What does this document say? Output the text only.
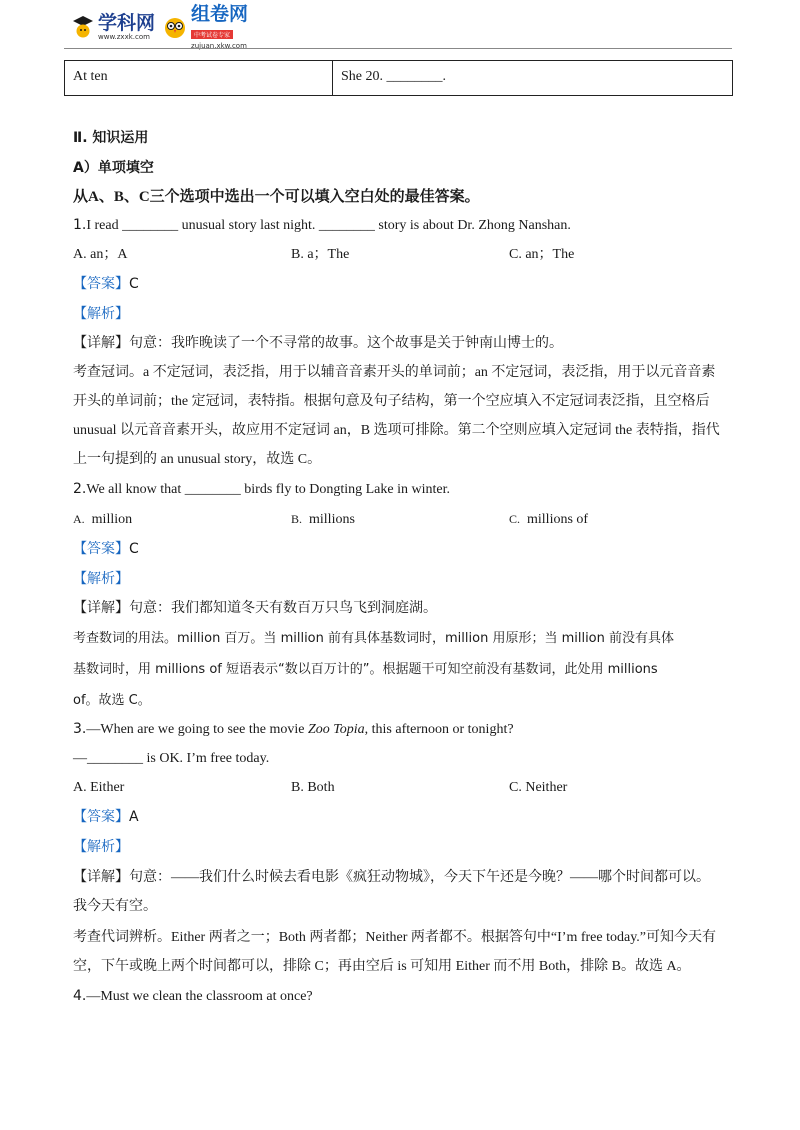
学科网
www.zxxk.com
组卷网
中考试卷专家
zujuan.xkw.com
At ten	She 20. ________.

Ⅱ. 知识运用

A）单项填空

从A、B、C三个选项中选出一个可以填入空白处的最佳答案。

1.I read ________ unusual story last night. ________ story is about Dr. Zhong Nanshan.

A. an；A	B. a；The	C. an；The

【答案】C

【解析】

【详解】句意：我昨晚读了一个不寻常的故事。这个故事是关于钟南山博士的。

考查冠词。a 不定冠词，表泛指，用于以辅音音素开头的单词前；an 不定冠词，表泛指，用于以元音音素
开头的单词前；the 定冠词，表特指。根据句意及句子结构，第一个空应填入不定冠词表泛指，且空格后
unusual 以元音音素开头，故应用不定冠词 an，B 选项可排除。第二个空则应填入定冠词 the 表特指，指代
上一句提到的 an unusual story，故选 C。

2.We all know that ________ birds fly to Dongting Lake in winter.

A. million	B. millions	C. millions of

【答案】C

【解析】

【详解】句意：我们都知道冬天有数百万只鸟飞到洞庭湖。

考查数词的用法。million 百万。当 million 前有具体基数词时，million 用原形；当 million 前没有具体
基数词时，用 millions of 短语表示“数以百万计的”。根据题干可知空前没有基数词，此处用 millions
of。故选 C。

3.—When are we going to see the movie Zoo Topia, this afternoon or tonight?

—________ is OK. I’m free today.

A. Either	B. Both	C. Neither

【答案】A

【解析】

【详解】句意：——我们什么时候去看电影《疯狂动物城》，今天下午还是今晚？——哪个时间都可以。
我今天有空。

考查代词辨析。Either 两者之一；Both 两者都；Neither 两者都不。根据答句中“I’m free today.”可知今天有
空，下午或晚上两个时间都可以，排除 C；再由空后 is 可知用 Either 而不用 Both，排除 B。故选 A。

4.—Must we clean the classroom at once?
